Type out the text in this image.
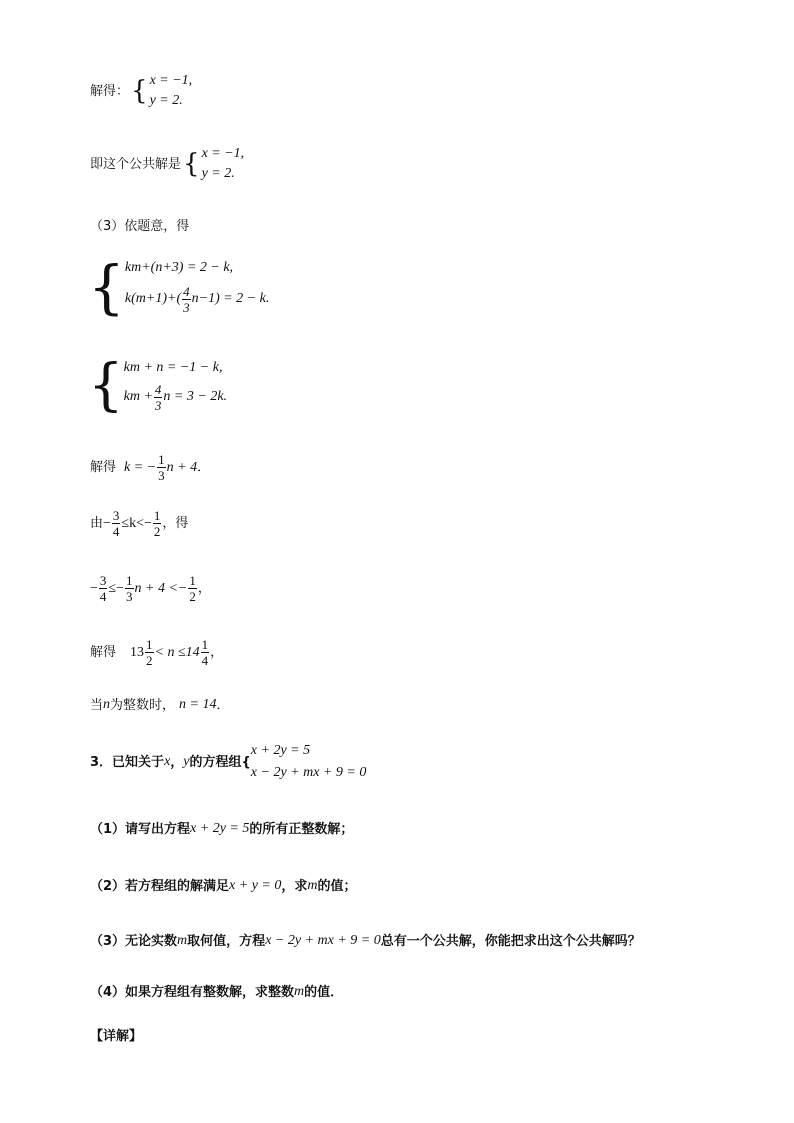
解得： { x = −1,
y = 2.
即这个公共解是 { x = −1,
y = 2.
（3）依题意，得
{ km+(n+3) = 2 − k,
$k(m+1)+( \frac{4}{3} n-1) = 2 - k$.
{ km + n = −1 − k,
km + $\frac{4}{3}$ n = 3 − 2k.
解得 k = − $\frac{1}{3}$ n + 4 ．
由 − $\frac{3}{4} \le k<- \frac{1}{2}$ ，得
− $\frac{3}{4} \le- \frac{1}{3}$ $n + 4 <- \frac{1}{2}$ ，
解得 $13 \frac{1}{2} < n \le 14 \frac{1}{4}$ ，
当 n 为整数时， n = 14 ．
3． 已知关于 x ， y 的方程组{
x + 2y = 5
x − 2y + mx + 9 = 0
（1）请写出方程 x + 2y = 5 的所有正整数解；
（2）若方程组的解满足 x + y = 0 ，求 m 的值；
（3）无论实数 m 取何值，方程 x − 2y + mx + 9 = 0 总有一个公共解，你能把求出这个公共解吗？
（4）如果方程组有整数解，求整数 m 的值．
【详解】
